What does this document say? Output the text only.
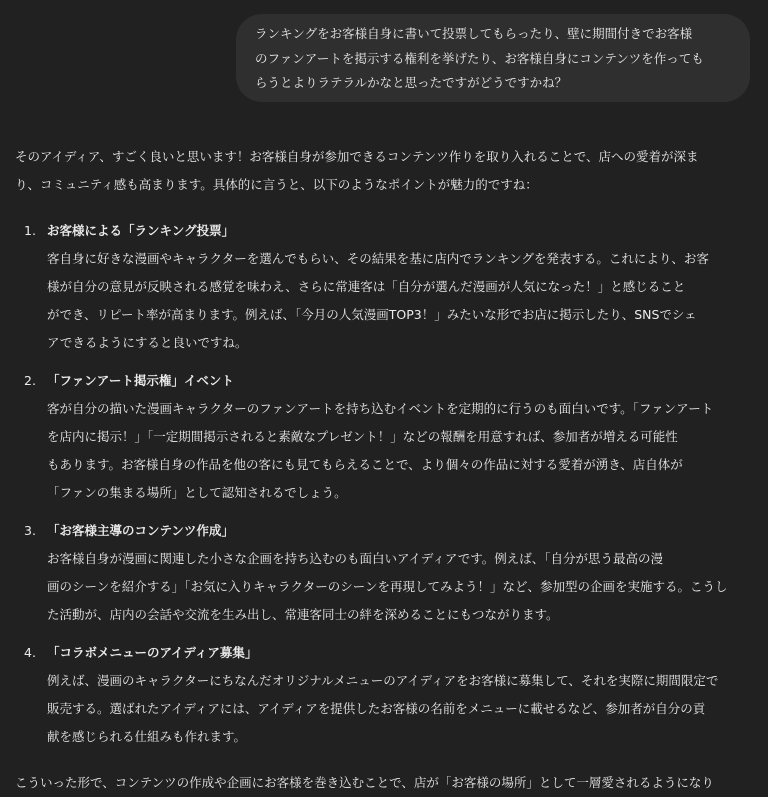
ランキングをお客様自身に書いて投票してもらったり、壁に期間付きでお客様
のファンアートを掲示する権利を挙げたり、お客様自身にコンテンツを作っても
らうとよりラテラルかなと思ったですがどうですかね？
そのアイディア、すごく良いと思います！お客様自身が参加できるコンテンツ作りを取り入れることで、店への愛着が深ま
り、コミュニティ感も高まります。具体的に言うと、以下のようなポイントが魅力的ですね：
1. お客様による「ランキング投票」
客自身に好きな漫画やキャラクターを選んでもらい、その結果を基に店内でランキングを発表する。これにより、お客
様が自分の意見が反映される感覚を味わえ、さらに常連客は「自分が選んだ漫画が人気になった！」と感じること
ができ、リピート率が高まります。例えば、「今月の人気漫画TOP3！」みたいな形でお店に掲示したり、SNSでシェ
アできるようにすると良いですね。
2. 「ファンアート掲示権」イベント
客が自分の描いた漫画キャラクターのファンアートを持ち込むイベントを定期的に行うのも面白いです。「ファンアート
を店内に掲示！」「一定期間掲示されると素敵なプレゼント！」などの報酬を用意すれば、参加者が増える可能性
もあります。お客様自身の作品を他の客にも見てもらえることで、より個々の作品に対する愛着が湧き、店自体が
「ファンの集まる場所」として認知されるでしょう。
3. 「お客様主導のコンテンツ作成」
お客様自身が漫画に関連した小さな企画を持ち込むのも面白いアイディアです。例えば、「自分が思う最高の漫
画のシーンを紹介する」「お気に入りキャラクターのシーンを再現してみよう！」など、参加型の企画を実施する。こうし
た活動が、店内の会話や交流を生み出し、常連客同士の絆を深めることにもつながります。
4. 「コラボメニューのアイディア募集」
例えば、漫画のキャラクターにちなんだオリジナルメニューのアイディアをお客様に募集して、それを実際に期間限定で
販売する。選ばれたアイディアには、アイディアを提供したお客様の名前をメニューに載せるなど、参加者が自分の貢
献を感じられる仕組みも作れます。
こういった形で、コンテンツの作成や企画にお客様を巻き込むことで、店が「お客様の場所」として一層愛されるようになり
